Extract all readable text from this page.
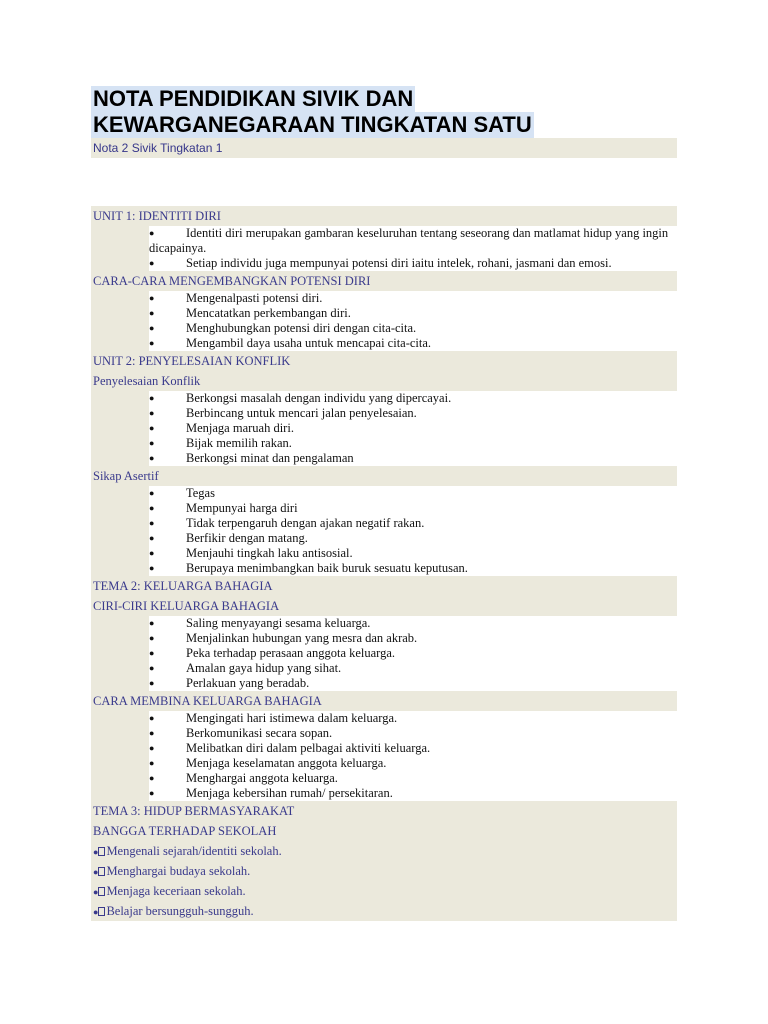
NOTA PENDIDIKAN SIVIK DAN
KEWARGANEGARAAN TINGKATAN SATU
Nota 2 Sivik Tingkatan 1
UNIT 1: IDENTITI DIRI
●	Identiti diri merupakan gambaran keseluruhan tentang seseorang dan matlamat hidup yang ingin dicapainya.
●	Setiap individu juga mempunyai potensi diri iaitu intelek, rohani, jasmani dan emosi.
CARA-CARA MENGEMBANGKAN POTENSI DIRI
●	Mengenalpasti potensi diri.
●	Mencatatkan perkembangan diri.
●	Menghubungkan potensi diri dengan cita-cita.
●	Mengambil daya usaha untuk mencapai cita-cita.
UNIT 2: PENYELESAIAN KONFLIK
Penyelesaian Konflik
●	Berkongsi masalah dengan individu yang dipercayai.
●	Berbincang untuk mencari jalan penyelesaian.
●	Menjaga maruah diri.
●	Bijak memilih rakan.
●	Berkongsi minat dan pengalaman
Sikap Asertif
●	Tegas
●	Mempunyai harga diri
●	Tidak terpengaruh dengan ajakan negatif rakan.
●	Berfikir dengan matang.
●	Menjauhi tingkah laku antisosial.
●	Berupaya menimbangkan baik buruk sesuatu keputusan.
TEMA 2: KELUARGA BAHAGIA
CIRI-CIRI KELUARGA BAHAGIA
●	Saling menyayangi sesama keluarga.
●	Menjalinkan hubungan yang mesra dan akrab.
●	Peka terhadap perasaan anggota keluarga.
●	Amalan gaya hidup yang sihat.
●	Perlakuan yang beradab.
CARA MEMBINA KELUARGA BAHAGIA
●	Mengingati hari istimewa dalam keluarga.
●	Berkomunikasi secara sopan.
●	Melibatkan diri dalam pelbagai aktiviti keluarga.
●	Menjaga keselamatan anggota keluarga.
●	Menghargai anggota keluarga.
●	Menjaga kebersihan rumah/ persekitaran.
TEMA 3: HIDUP BERMASYARAKAT
BANGGA TERHADAP SEKOLAH
● Mengenali sejarah/identiti sekolah.
● Menghargai budaya sekolah.
● Menjaga keceriaan sekolah.
● Belajar bersungguh-sungguh.
